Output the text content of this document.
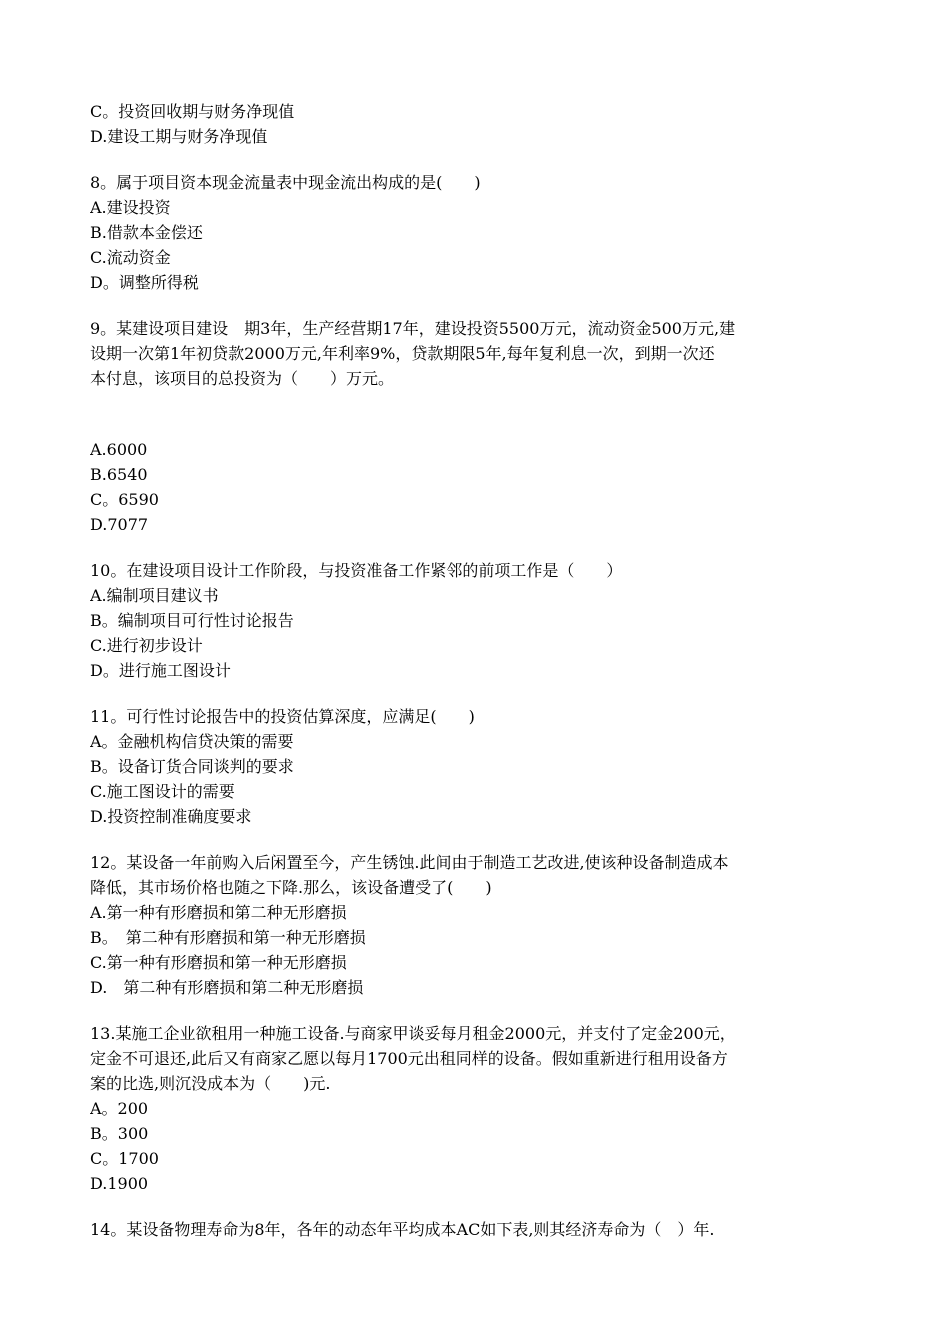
C。投资回收期与财务净现值
D.建设工期与财务净现值
8。属于项目资本现金流量表中现金流出构成的是(　　)
A.建设投资
B.借款本金偿还
C.流动资金
D。调整所得税
9。某建设项目建设　期3年，生产经营期17年，建设投资5500万元，流动资金500万元,建
设期一次第1年初贷款2000万元,年利率9%，贷款期限5年,每年复利息一次，到期一次还
本付息，该项目的总投资为（　　）万元。
A.6000
B.6540
C。6590
D.7077
10。在建设项目设计工作阶段，与投资准备工作紧邻的前项工作是（　　）
A.编制项目建议书
B。编制项目可行性讨论报告
C.进行初步设计
D。进行施工图设计
11。可行性讨论报告中的投资估算深度，应满足(　　)
A。金融机构信贷决策的需要
B。设备订货合同谈判的要求
C.施工图设计的需要
D.投资控制准确度要求
12。某设备一年前购入后闲置至今，产生锈蚀.此间由于制造工艺改进,使该种设备制造成本
降低，其市场价格也随之下降.那么，该设备遭受了(　　)
A.第一种有形磨损和第二种无形磨损
B。　第二种有形磨损和第一种无形磨损
C.第一种有形磨损和第一种无形磨损
D.　第二种有形磨损和第二种无形磨损
13.某施工企业欲租用一种施工设备.与商家甲谈妥每月租金2000元，并支付了定金200元，
定金不可退还,此后又有商家乙愿以每月1700元出租同样的设备。假如重新进行租用设备方
案的比选,则沉没成本为（　　)元.
A。200
B。300
C。1700
D.1900
14。某设备物理寿命为8年，各年的动态年平均成本AC如下表,则其经济寿命为（　）年.
